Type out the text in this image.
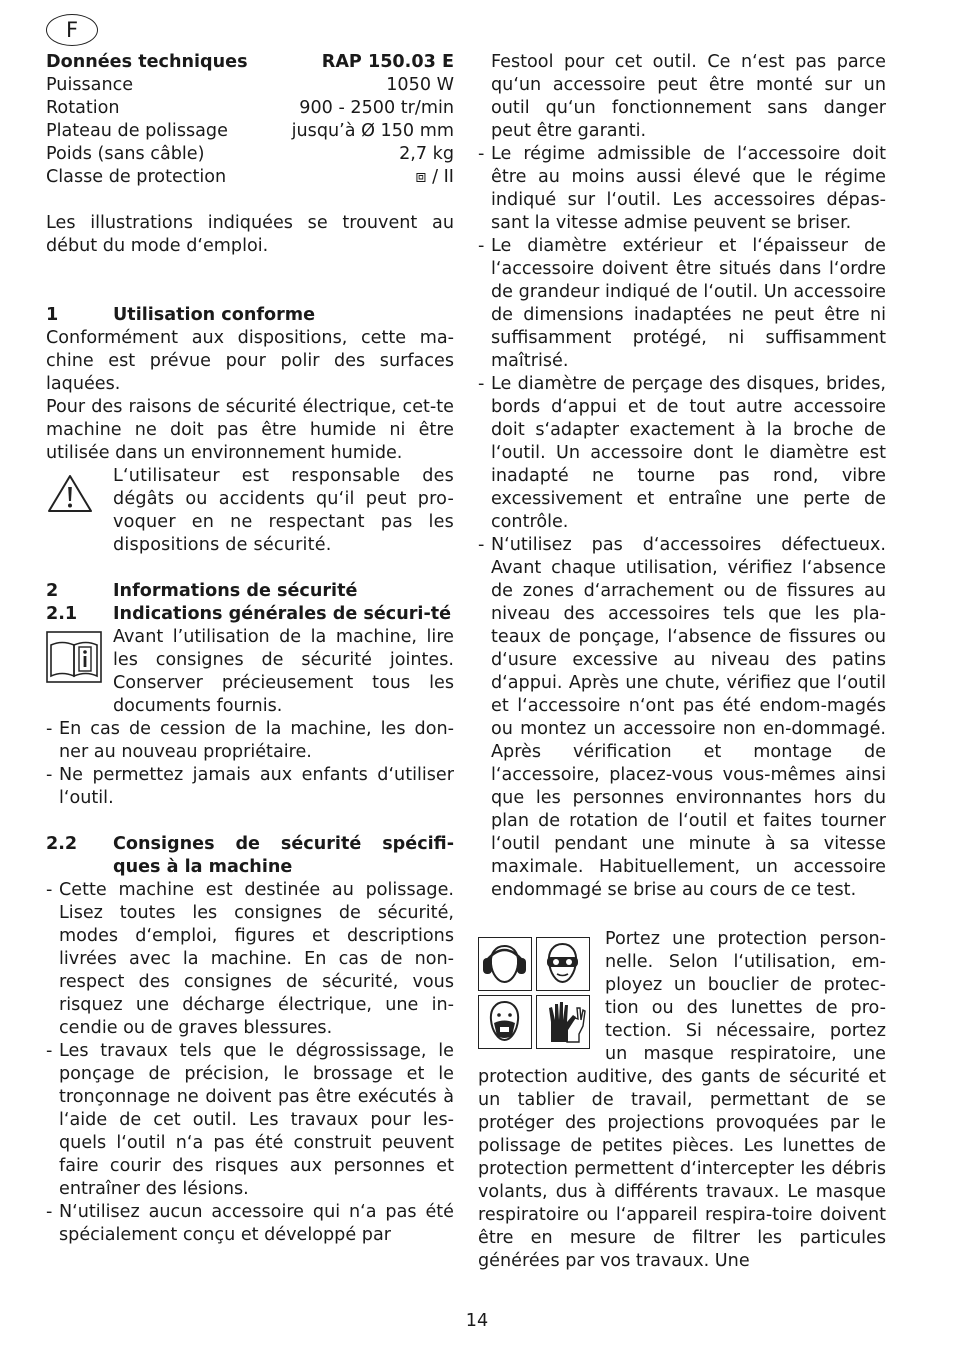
F
Données techniques	RAP 150.03 E
Puissance	1050 W
Rotation	900 - 2500 tr/min
Plateau de polissage	jusqu’à Ø 150 mm
Poids (sans câble)	2,7 kg
Classe de protection	⧈ / II

Les illustrations indiquées se trouvent au début du mode d‘emploi.

1	Utilisation conforme

Conformément aux dispositions, cette ma-chine est prévue pour polir des surfaces laquées.

Pour des raisons de sécurité électrique, cet-te machine ne doit pas être humide ni être utilisée dans un environnement humide.

L‘utilisateur est responsable des dégâts ou accidents qu‘il peut pro-voquer en ne respectant pas les dispositions de sécurité.

2	Informations de sécurité
2.1	Indications générales de sécuri-té

Avant l’utilisation de la machine, lire les consignes de sécurité jointes. Conserver précieusement tous les documents fournis.

- En cas de cession de la machine, les don-ner au nouveau propriétaire.
- Ne permettez jamais aux enfants d‘utiliser l‘outil.
2.2	Consignes de sécurité spécifi-ques à la machine
- Cette machine est destinée au polissage. Lisez toutes les consignes de sécurité, modes d‘emploi, figures et descriptions livrées avec la machine. En cas de non-respect des consignes de sécurité, vous risquez une décharge électrique, une in-cendie ou de graves blessures.
- Les travaux tels que le dégrossissage, le ponçage de précision, le brossage et le tronçonnage ne doivent pas être exécutés à l‘aide de cet outil. Les travaux pour les-quels l‘outil n‘a pas été construit peuvent faire courir des risques aux personnes et entraîner des lésions.
- N‘utilisez aucun accessoire qui n‘a pas été spécialement conçu et développé par

Festool pour cet outil. Ce n‘est pas parce qu‘un accessoire peut être monté sur un outil qu‘un fonctionnement sans danger peut être garanti.

- Le régime admissible de l‘accessoire doit être au moins aussi élevé que le régime indiqué sur l‘outil. Les accessoires dépas-sant la vitesse admise peuvent se briser.
- Le diamètre extérieur et l‘épaisseur de l‘accessoire doivent être situés dans l‘ordre de grandeur indiqué de l‘outil. Un accessoire de dimensions inadaptées ne peut être ni suffisamment protégé, ni suffisamment maîtrisé.
- Le diamètre de perçage des disques, brides, bords d‘appui et de tout autre accessoire doit s‘adapter exactement à la broche de l‘outil. Un accessoire dont le diamètre est inadapté ne tourne pas rond, vibre excessivement et entraîne une perte de contrôle.
- N‘utilisez pas d‘accessoires défectueux. Avant chaque utilisation, vérifiez l‘absence de zones d‘arrachement ou de fissures au niveau des accessoires tels que les pla-teaux de ponçage, l‘absence de fissures ou d‘usure excessive au niveau des patins d‘appui. Après une chute, vérifiez que l‘outil et l‘accessoire n‘ont pas été endom-magés ou montez un accessoire non en-dommagé. Après vérification et montage de l‘accessoire, placez-vous vous-mêmes ainsi que les personnes environnantes hors du plan de rotation de l‘outil et faites tourner l‘outil pendant une minute à sa vitesse maximale. Habituellement, un accessoire endommagé se brise au cours de ce test.

Portez une protection person-

nelle. Selon l‘utilisation, em-

ployez un bouclier de protec-

tion ou des lunettes de pro-

tection. Si nécessaire, portez

un masque respiratoire, une

protection auditive, des gants de sécurité et un tablier de travail, permettant de se protéger des projections provoquées par le polissage de petites pièces. Les lunettes de protection permettent d‘intercepter les débris volants, dus à différents travaux. Le masque respiratoire ou l‘appareil respira-toire doivent être en mesure de filtrer les particules générées par vos travaux. Une

14
